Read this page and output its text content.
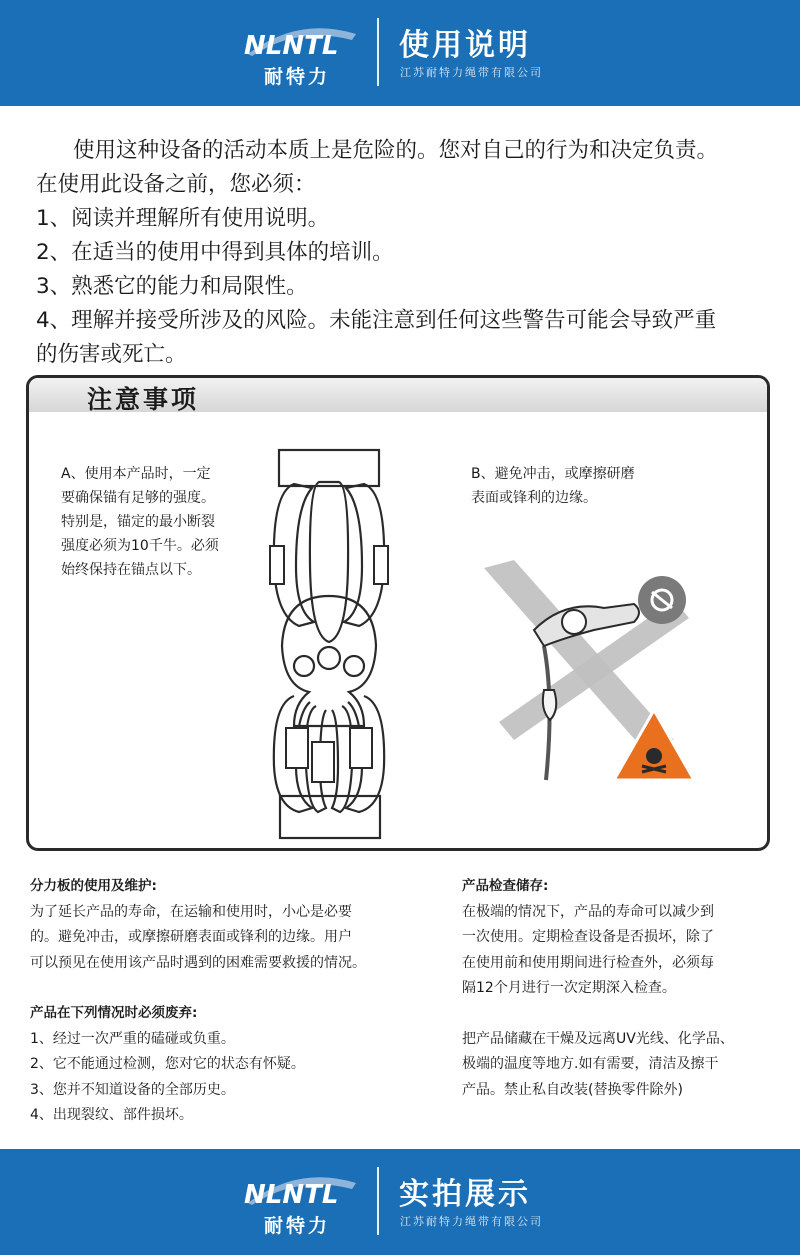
NLNTL
耐特力
使用说明
江苏耐特力绳带有限公司

使用这种设备的活动本质上是危险的。您对自己的行为和决定负责。

在使用此设备之前，您必须：

1、阅读并理解所有使用说明。

2、在适当的使用中得到具体的培训。

3、熟悉它的能力和局限性。

4、理解并接受所涉及的风险。未能注意到任何这些警告可能会导致严重

的伤害或死亡。

注意事项
A、使用本产品时，一定
要确保锚有足够的强度。
特别是，锚定的最小断裂
强度必须为10千牛。必须
始终保持在锚点以下。
B、避免冲击，或摩擦研磨
表面或锋利的边缘。

分力板的使用及维护:

为了延长产品的寿命，在运输和使用时，小心是必要

的。避免冲击，或摩擦研磨表面或锋利的边缘。用户

可以预见在使用该产品时遇到的困难需要救援的情况。

产品在下列情况时必须废弃:

1、经过一次严重的磕碰或负重。

2、它不能通过检测，您对它的状态有怀疑。

3、您并不知道设备的全部历史。

4、出现裂纹、部件损坏。

产品检查储存:

在极端的情况下，产品的寿命可以减少到

一次使用。定期检查设备是否损坏，除了

在使用前和使用期间进行检查外，必须每

隔12个月进行一次定期深入检查。

把产品储藏在干燥及远离UV光线、化学品、

极端的温度等地方.如有需要，清洁及擦干

产品。禁止私自改装(替换零件除外)

NLNTL
耐特力
实拍展示
江苏耐特力绳带有限公司
